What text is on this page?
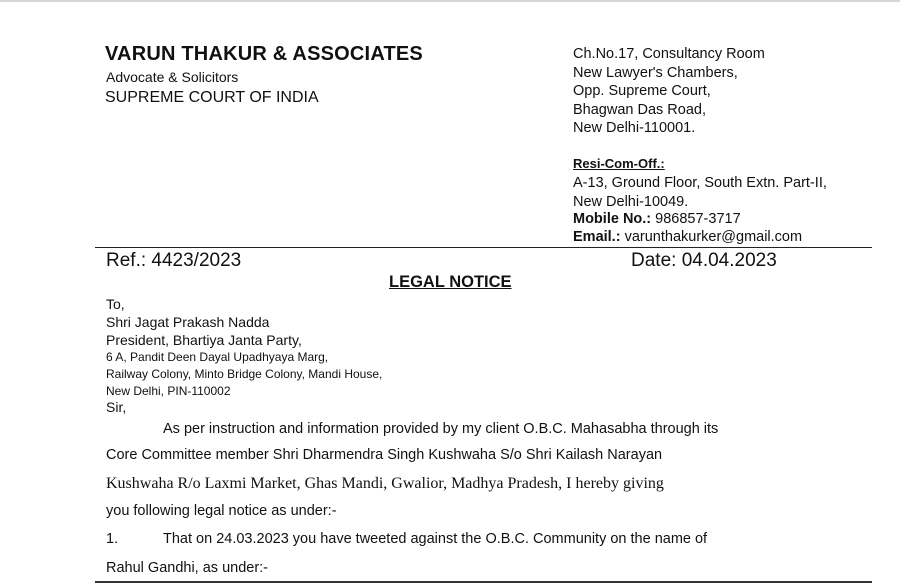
VARUN THAKUR & ASSOCIATES
Advocate & Solicitors
SUPREME COURT OF INDIA
Ch.No.17, Consultancy Room
New Lawyer's Chambers,
Opp. Supreme Court,
Bhagwan Das Road,
New Delhi-110001.
Resi-Com-Off.:
A-13, Ground Floor, South Extn. Part-II,
New Delhi-10049.
Mobile No.: 986857-3717
Email.: varunthakurker@gmail.com
Ref.: 4423/2023	Date: 04.04.2023
LEGAL NOTICE
To,
Shri Jagat Prakash Nadda
President, Bhartiya Janta Party,
6 A, Pandit Deen Dayal Upadhyaya Marg,
Railway Colony, Minto Bridge Colony, Mandi House,
New Delhi, PIN-110002
Sir,
As per instruction and information provided by my client O.B.C. Mahasabha through its
Core Committee member Shri Dharmendra Singh Kushwaha S/o Shri Kailash Narayan
Kushwaha R/o Laxmi Market, Ghas Mandi, Gwalior, Madhya Pradesh, I hereby giving
you following legal notice as under:-
1.	That on 24.03.2023 you have tweeted against the O.B.C. Community on the name of
Rahul Gandhi, as under:-
